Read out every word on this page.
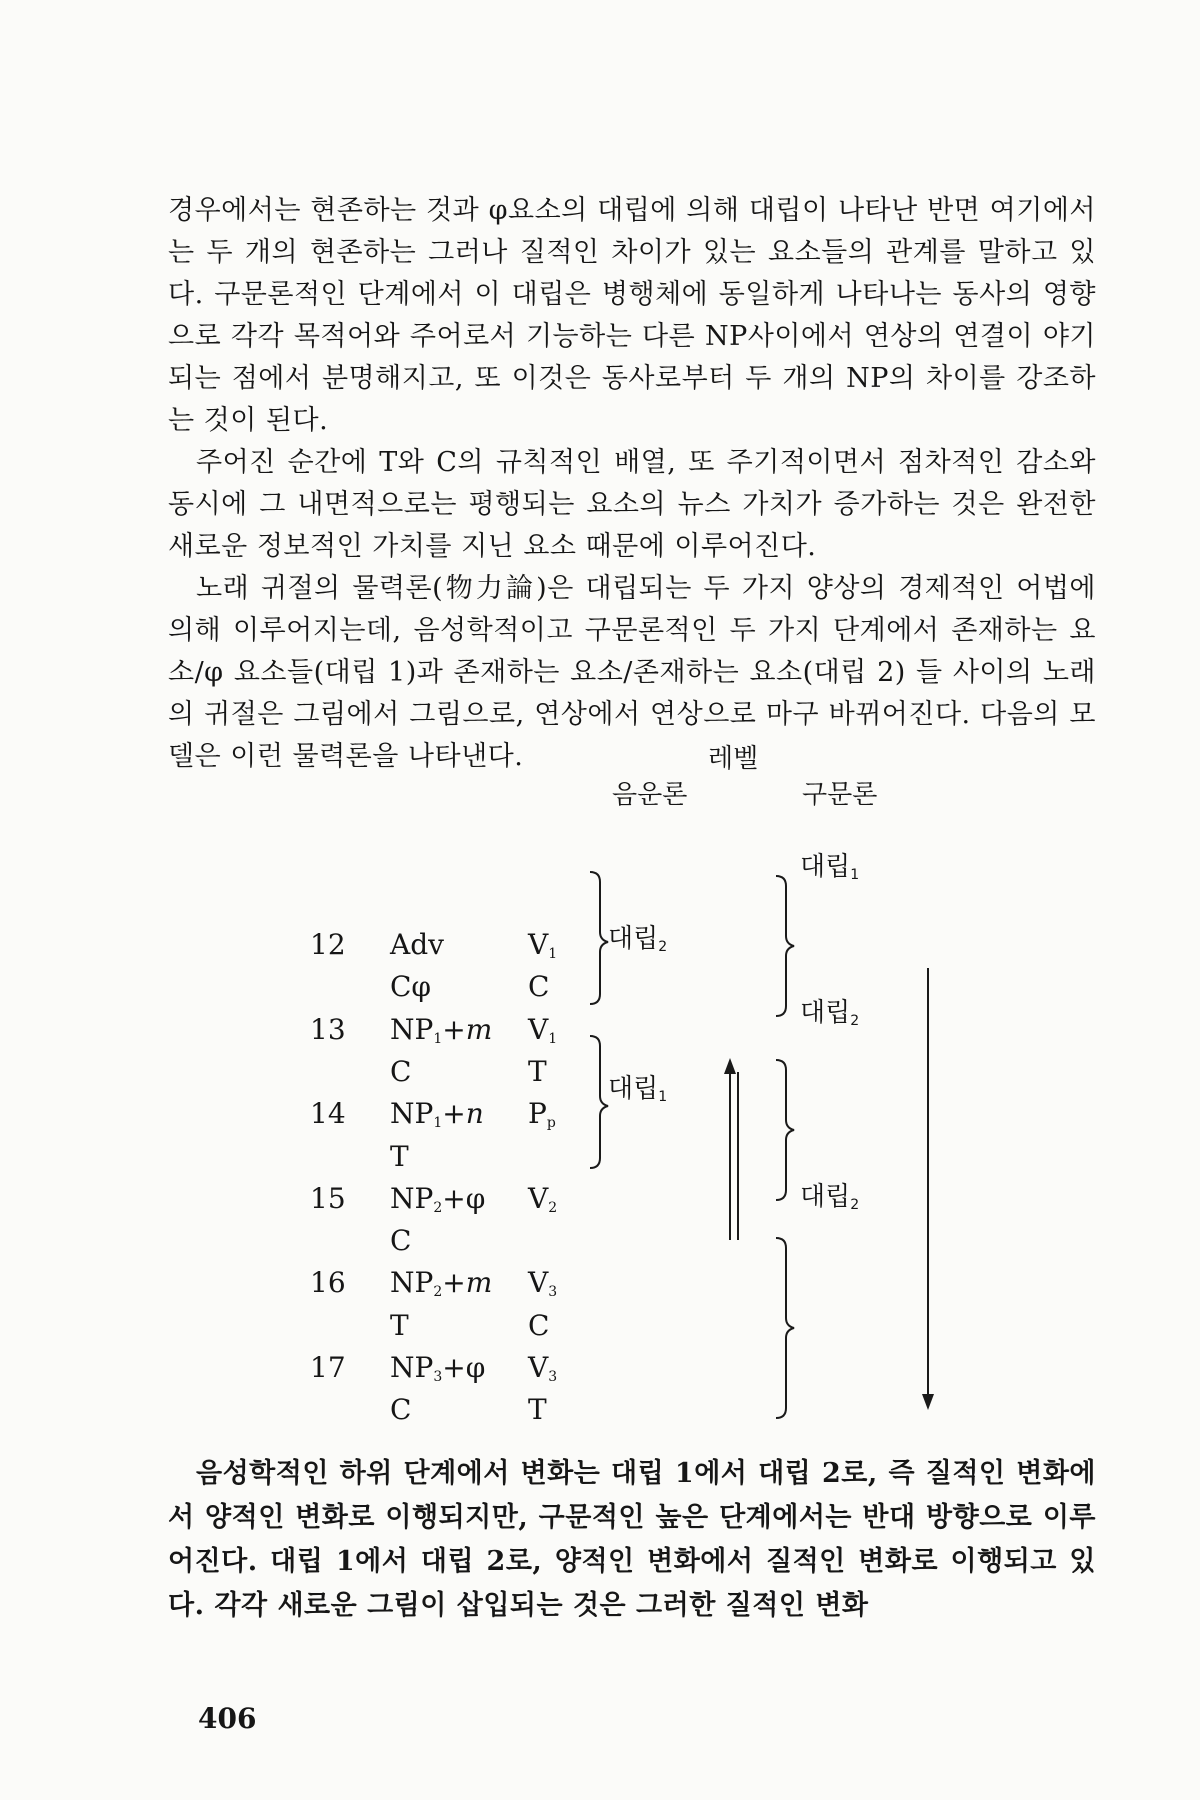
경우에서는 현존하는 것과 φ요소의 대립에 의해 대립이 나타난 반면 여기에서는 두 개의 현존하는 그러나 질적인 차이가 있는 요소들의 관계를 말하고 있다. 구문론적인 단계에서 이 대립은 병행체에 동일하게 나타나는 동사의 영향으로 각각 목적어와 주어로서 기능하는 다른 NP사이에서 연상의 연결이 야기되는 점에서 분명해지고, 또 이것은 동사로부터 두 개의 NP의 차이를 강조하는 것이 된다.

주어진 순간에 T와 C의 규칙적인 배열, 또 주기적이면서 점차적인 감소와 동시에 그 내면적으로는 평행되는 요소의 뉴스 가치가 증가하는 것은 완전한 새로운 정보적인 가치를 지닌 요소 때문에 이루어진다.

노래 귀절의 물력론(物力論)은 대립되는 두 가지 양상의 경제적인 어법에 의해 이루어지는데, 음성학적이고 구문론적인 두 가지 단계에서 존재하는 요소/φ 요소들(대립 1)과 존재하는 요소/존재하는 요소(대립 2) 들 사이의 노래의 귀절은 그림에서 그림으로, 연상에서 연상으로 마구 바뀌어진다. 다음의 모델은 이런 물력론을 나타낸다.	레벨
음운론	구문론
12 Adv	$V_1$
Cφ	C
13 $NP_1+m$ $V_1$
C	T
14 $NP_1+n$ $P_p$
T
15 $NP_2+\varphi$ $V_2$
C
16 $NP_2+m$ $V_3$
T	C
17 $NP_3+\varphi$ $V_3$
C	T
대립$_2$
대립$_1$
대립$_1$
대립$_2$
대립$_2$

음성학적인 하위 단계에서 변화는 대립 1에서 대립 2로, 즉 질적인 변화에서 양적인 변화로 이행되지만, 구문적인 높은 단계에서는 반대 방향으로 이루어진다. 대립 1에서 대립 2로, 양적인 변화에서 질적인 변화로 이행되고 있다. 각각 새로운 그림이 삽입되는 것은 그러한 질적인 변화

406
